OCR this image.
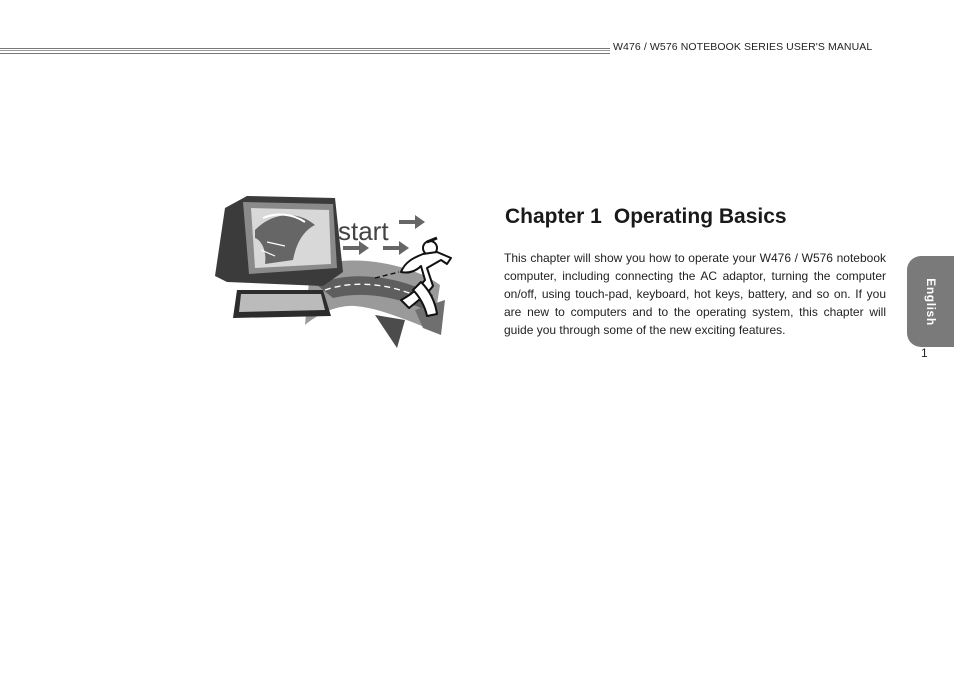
W476 / W576 NOTEBOOK SERIES USER'S MANUAL
start	Chapter 1 Operating Basics

This chapter will show you how to operate your W476 / W576 notebook computer, including connecting the AC adaptor, turning the computer on/off, using touch-pad, keyboard, hot keys, battery, and so on. If you are new to computers and to the operating system, this chapter will guide you through some of the new exciting features.

English
1
